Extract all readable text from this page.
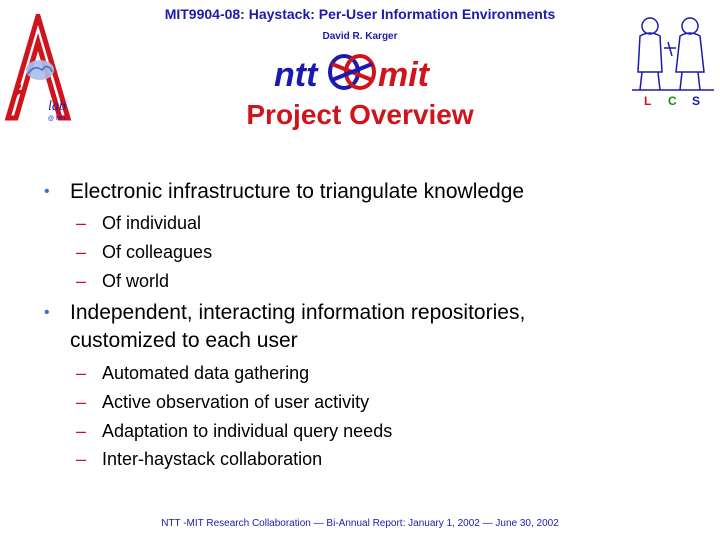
MIT9904-08: Haystack: Per-User Information Environments
David R. Karger
lab
@ MIT
ntt mit
L C S
Project Overview
• Electronic infrastructure to triangulate knowledge
– Of individual
– Of colleagues
– Of world
• Independent, interacting information repositories,
customized to each user
– Automated data gathering
– Active observation of user activity
– Adaptation to individual query needs
– Inter-haystack collaboration
NTT -MIT Research Collaboration — Bi-Annual Report: January 1, 2002 — June 30, 2002
